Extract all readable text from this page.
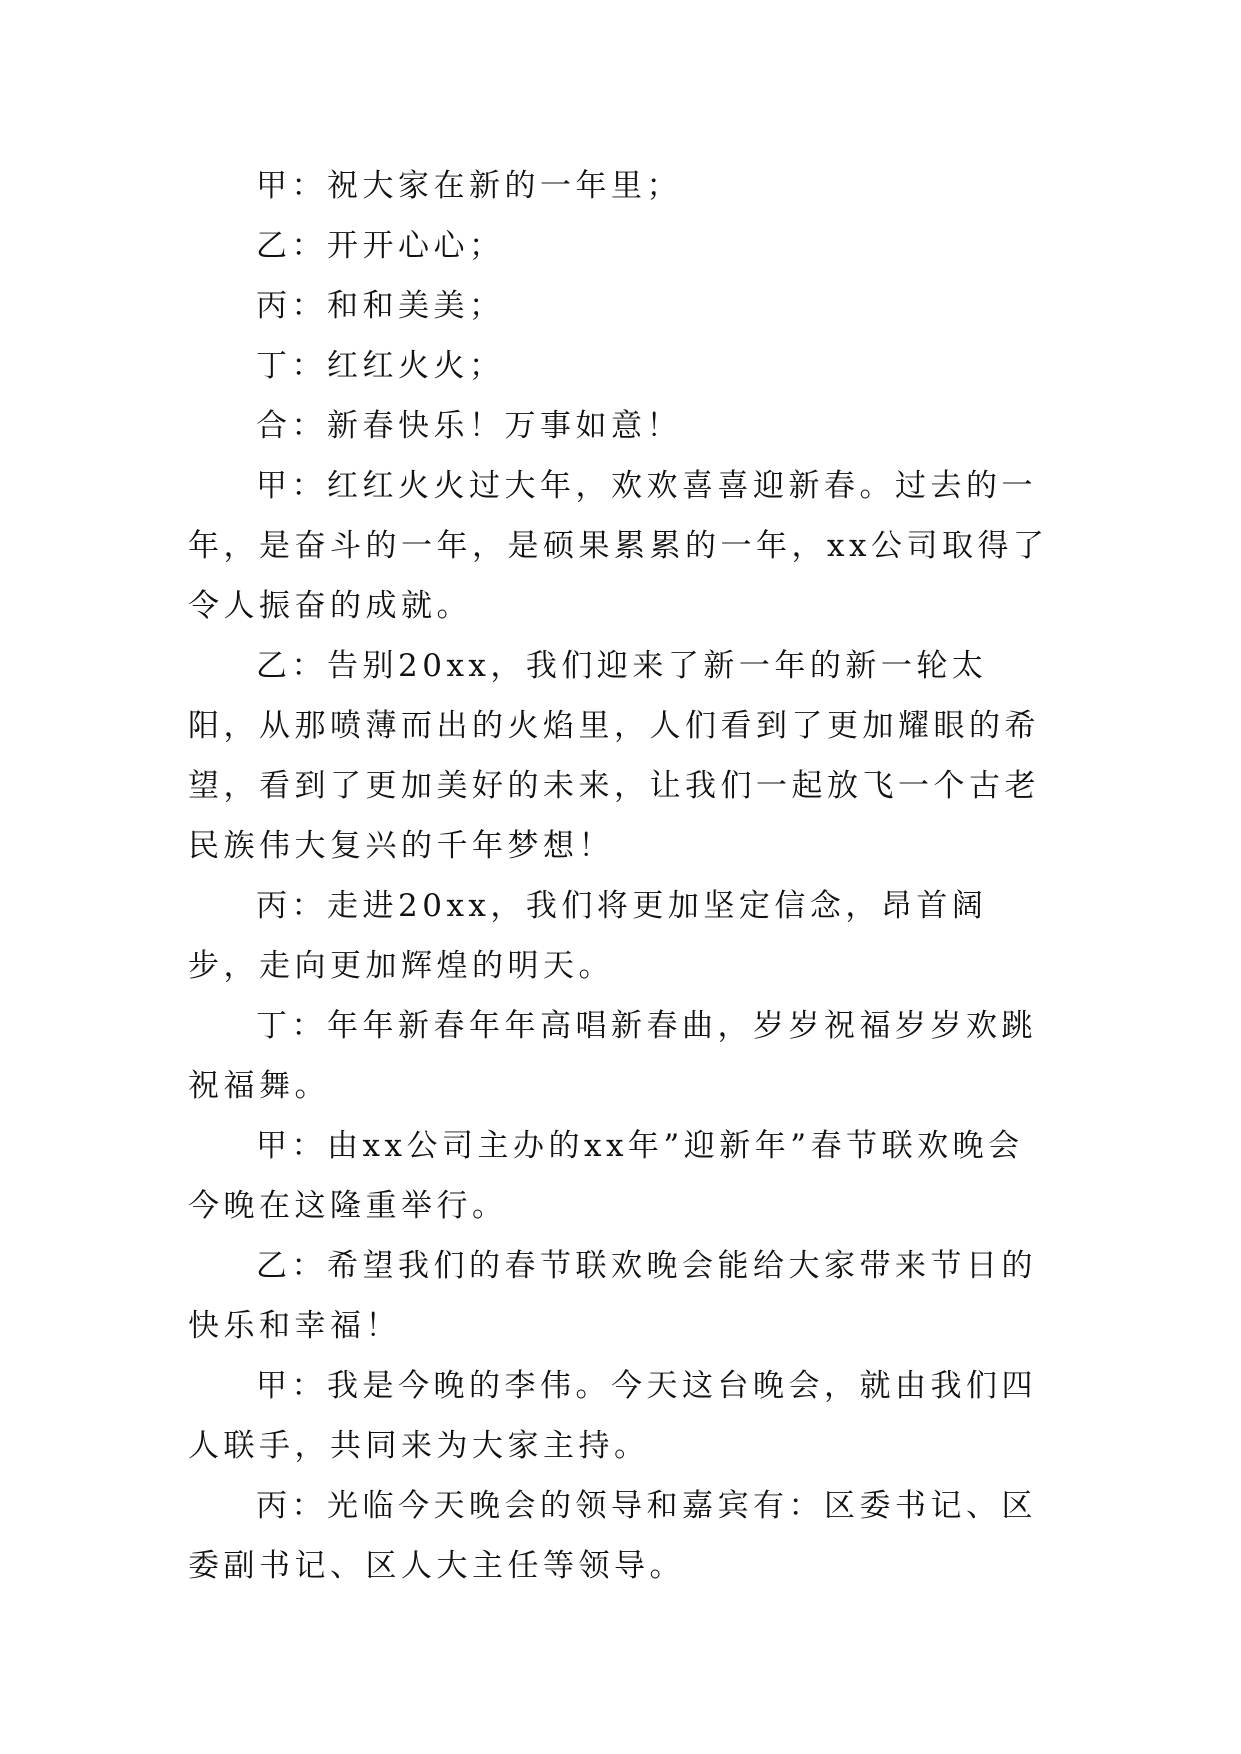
甲：祝大家在新的一年里；

乙：开开心心；

丙：和和美美；

丁：红红火火；

合：新春快乐！万事如意！

甲：红红火火过大年，欢欢喜喜迎新春。过去的一年，是奋斗的一年，是硕果累累的一年，xx公司取得了令人振奋的成就。

乙：告别20xx，我们迎来了新一年的新一轮太阳，从那喷薄而出的火焰里，人们看到了更加耀眼的希望，看到了更加美好的未来，让我们一起放飞一个古老民族伟大复兴的千年梦想！

丙：走进20xx，我们将更加坚定信念，昂首阔步，走向更加辉煌的明天。

丁：年年新春年年高唱新春曲，岁岁祝福岁岁欢跳祝福舞。

甲：由xx公司主办的xx年”迎新年”春节联欢晚会今晚在这隆重举行。

乙：希望我们的春节联欢晚会能给大家带来节日的快乐和幸福！

甲：我是今晚的李伟。今天这台晚会，就由我们四人联手，共同来为大家主持。

丙：光临今天晚会的领导和嘉宾有：区委书记、区委副书记、区人大主任等领导。
